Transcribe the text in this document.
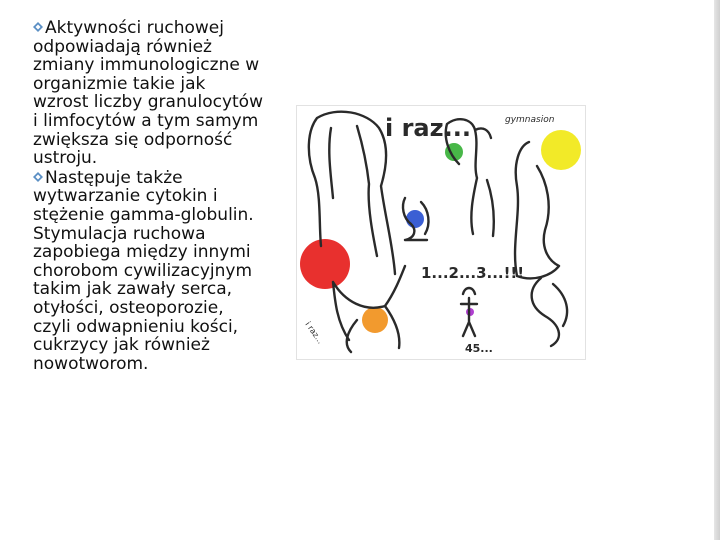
Aktywności ruchowej odpowiadają również zmiany immunologiczne w organizmie takie jak wzrost liczby granulocytów i limfocytów a tym samym zwiększa się odporność ustroju.

Następuje także wytwarzanie cytokin i stężenie gamma-globulin. Stymulacja ruchowa zapobiega między innymi chorobom cywilizacyjnym takim jak zawały serca, otyłości, osteoporozie, czyli odwapnieniu kości, cukrzycy jak również nowotworom.

i raz...	gymnasion
1...2...3...!!!
i raz...
45...
